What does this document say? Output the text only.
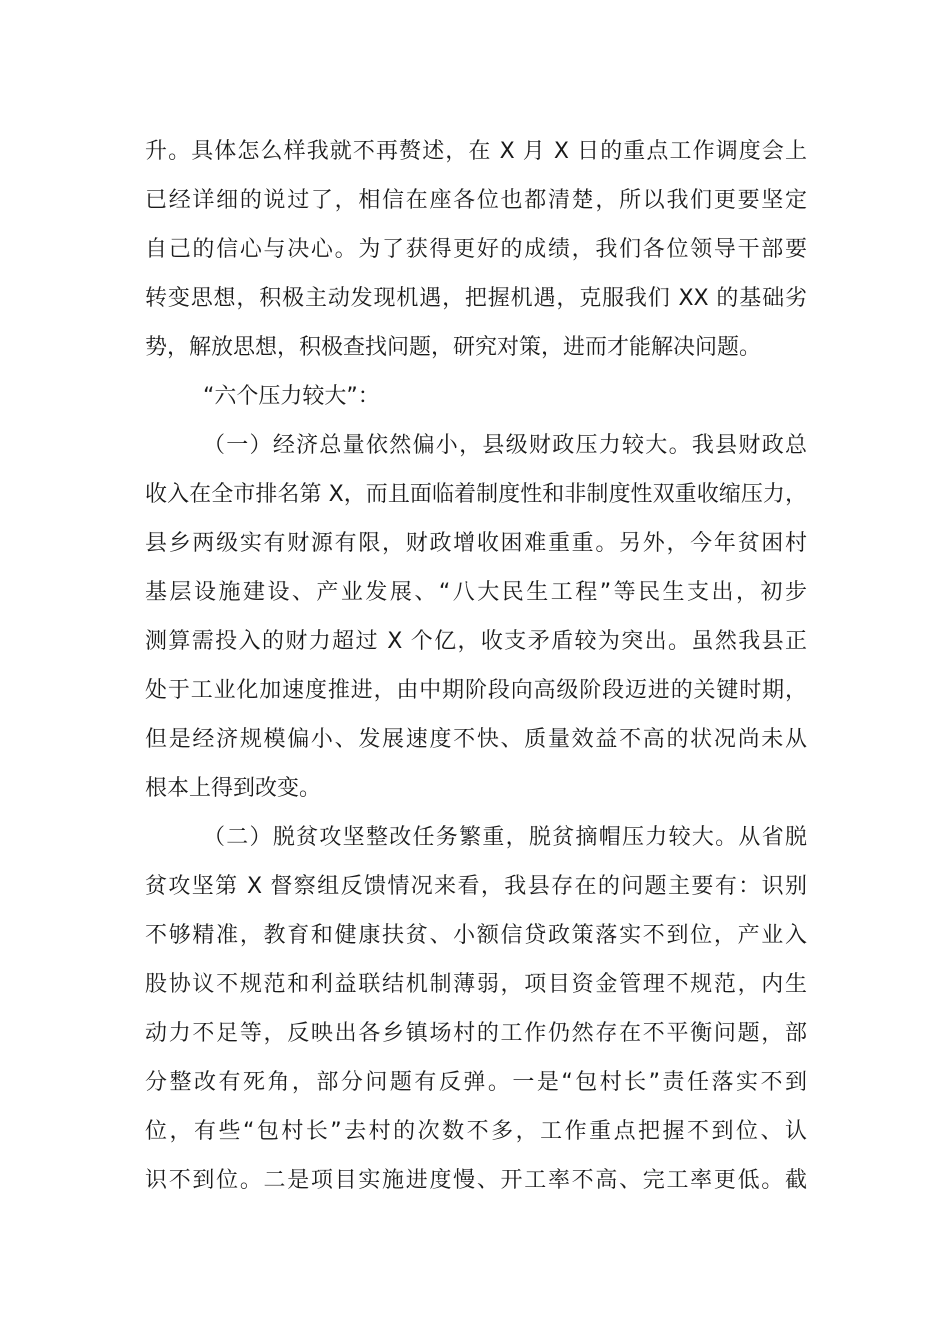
升。具体怎么样我就不再赘述，在 X 月 X 日的重点工作调度会上
已经详细的说过了，相信在座各位也都清楚，所以我们更要坚定
自己的信心与决心。为了获得更好的成绩，我们各位领导干部要
转变思想，积极主动发现机遇，把握机遇，克服我们 XX 的基础劣
势，解放思想，积极查找问题，研究对策，进而才能解决问题。
“六个压力较大”：
（一）经济总量依然偏小，县级财政压力较大。我县财政总
收入在全市排名第 X，而且面临着制度性和非制度性双重收缩压力，
县乡两级实有财源有限，财政增收困难重重。另外，今年贫困村
基层设施建设、产业发展、“八大民生工程”等民生支出，初步
测算需投入的财力超过 X 个亿，收支矛盾较为突出。虽然我县正
处于工业化加速度推进，由中期阶段向高级阶段迈进的关键时期，
但是经济规模偏小、发展速度不快、质量效益不高的状况尚未从
根本上得到改变。
（二）脱贫攻坚整改任务繁重，脱贫摘帽压力较大。从省脱
贫攻坚第 X 督察组反馈情况来看，我县存在的问题主要有：识别
不够精准，教育和健康扶贫、小额信贷政策落实不到位，产业入
股协议不规范和利益联结机制薄弱，项目资金管理不规范，内生
动力不足等，反映出各乡镇场村的工作仍然存在不平衡问题，部
分整改有死角，部分问题有反弹。一是“包村长”责任落实不到
位，有些“包村长”去村的次数不多，工作重点把握不到位、认
识不到位。二是项目实施进度慢、开工率不高、完工率更低。截
